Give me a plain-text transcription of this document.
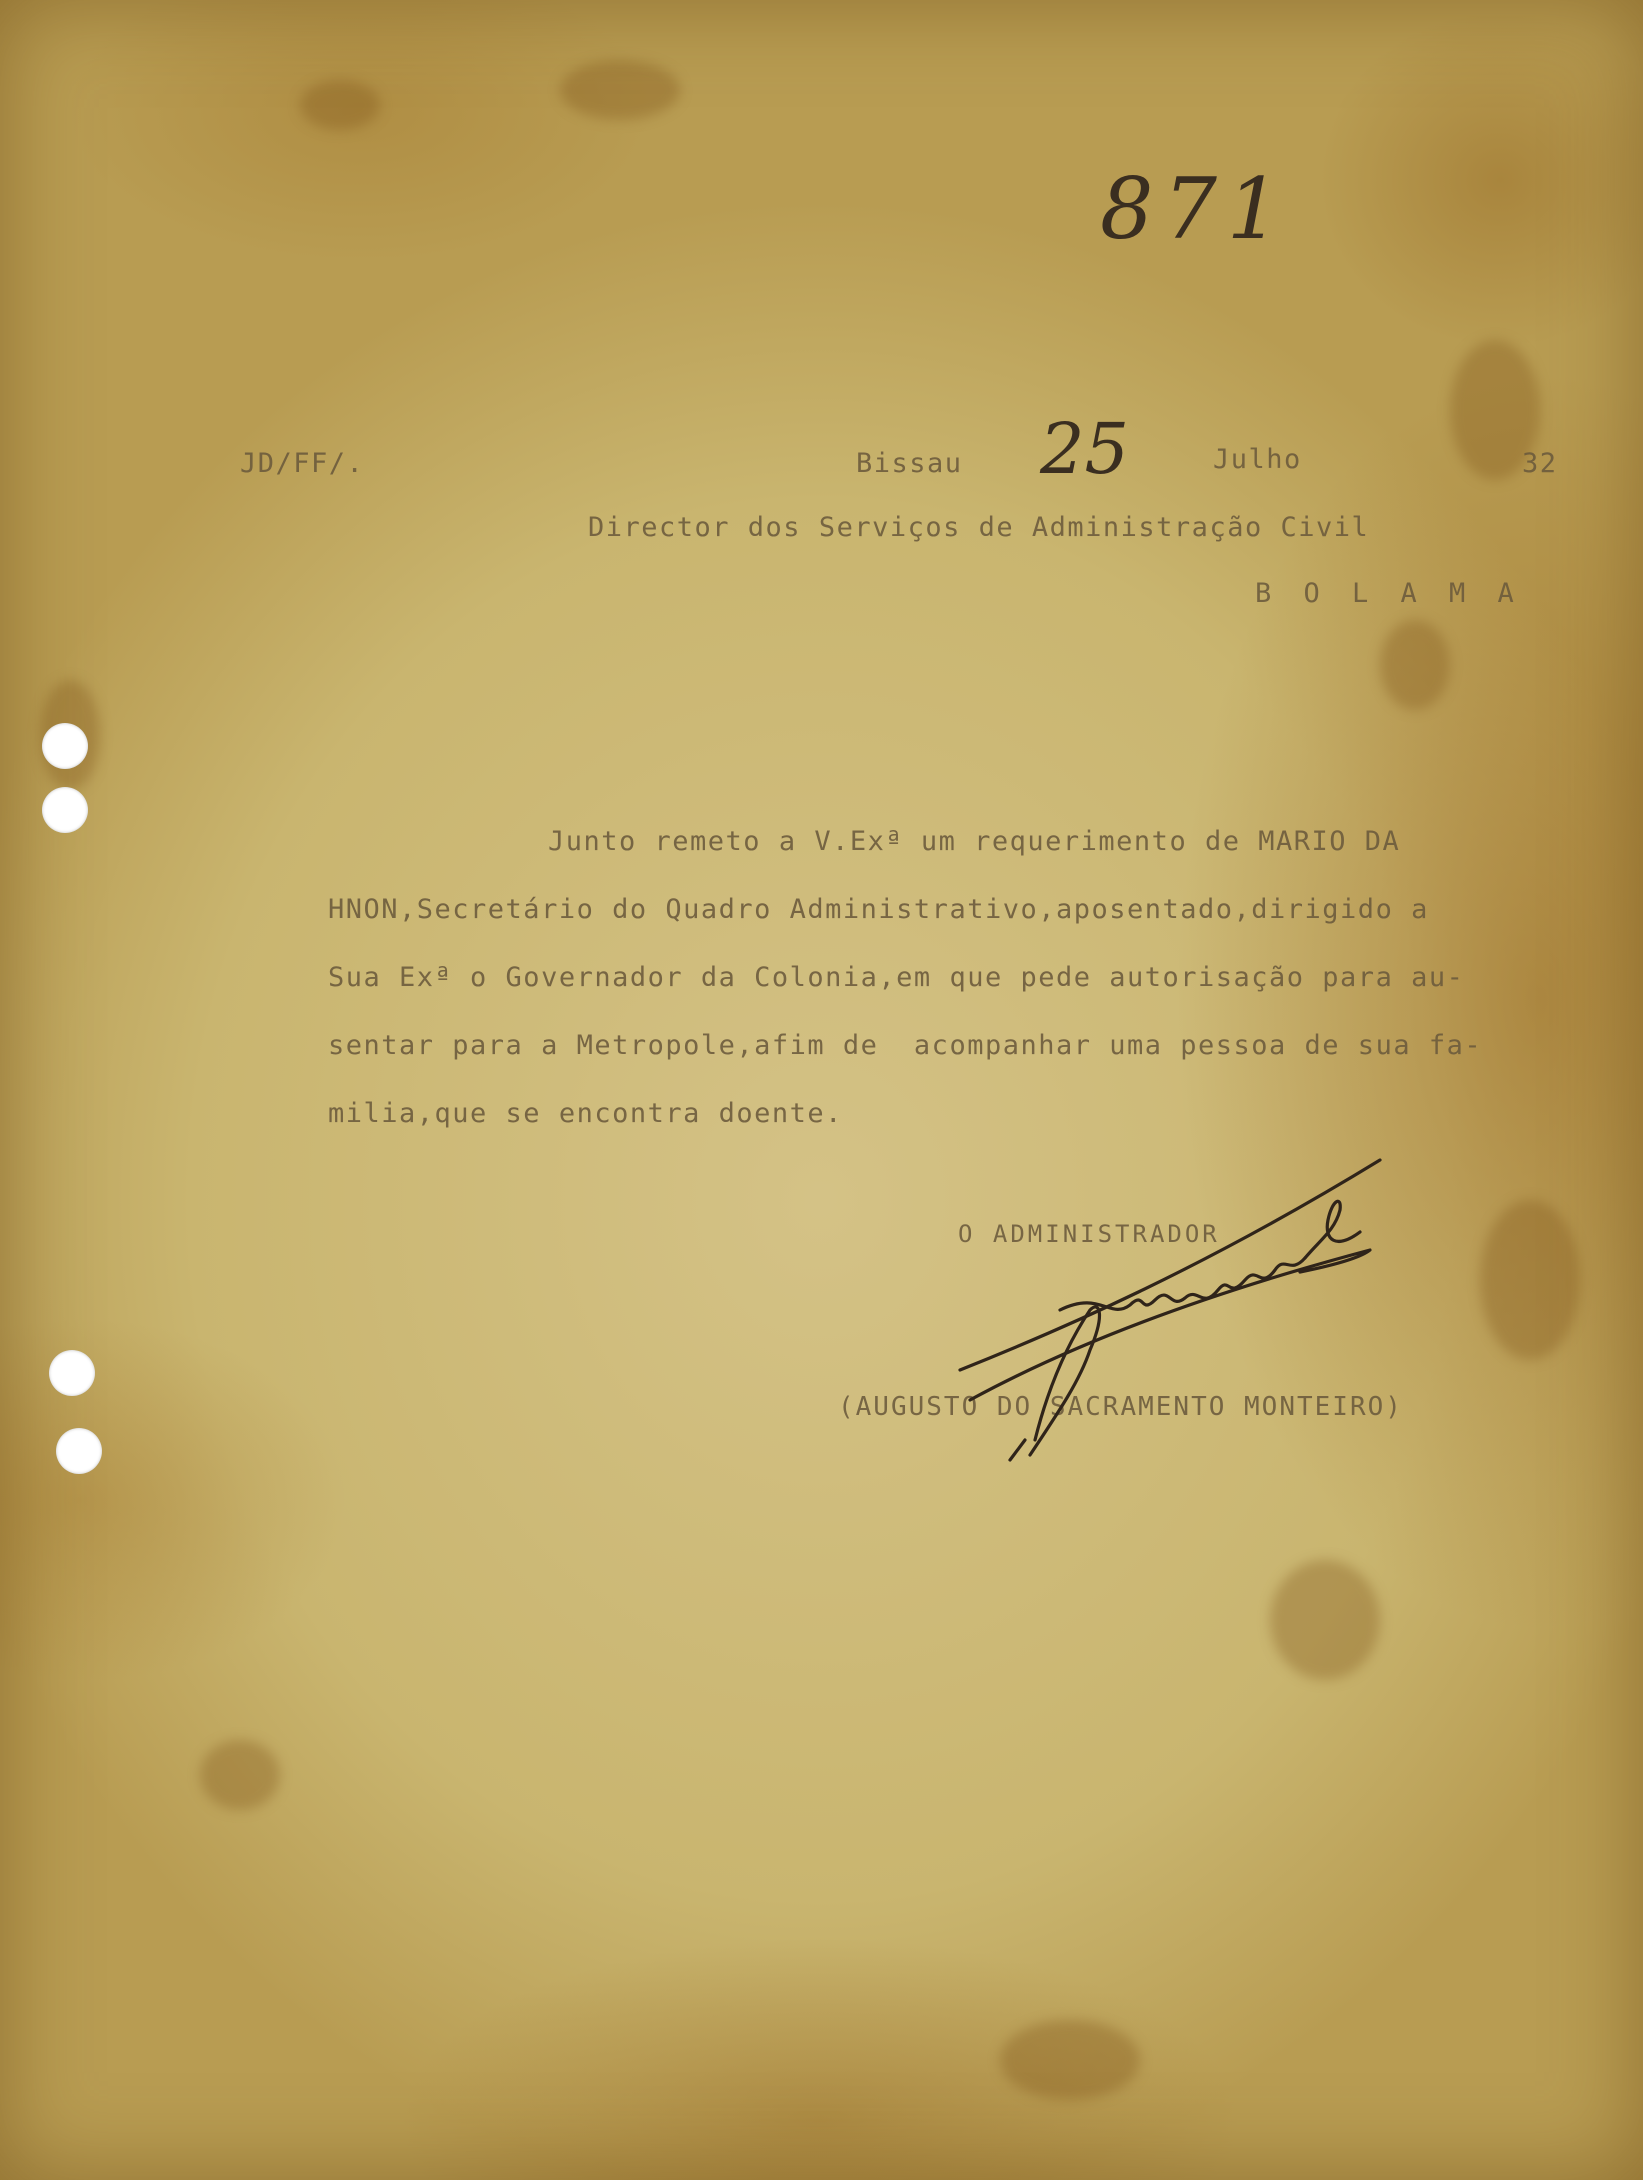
871

JD/FF/.	Bissau 25	Julho	32

Director dos Serviços de Administração Civil

B O L A M A

Junto remeto a V.Exª um requerimento de MARIO DA
HNON,Secretário do Quadro Administrativo,aposentado,dirigido a
Sua Exª o Governador da Colonia,em que pede autorisação para au-
sentar para a Metropole,afim de  acompanhar uma pessoa de sua fa-
milia,que se encontra doente.

O ADMINISTRADOR

(AUGUSTO DO SACRAMENTO MONTEIRO)
